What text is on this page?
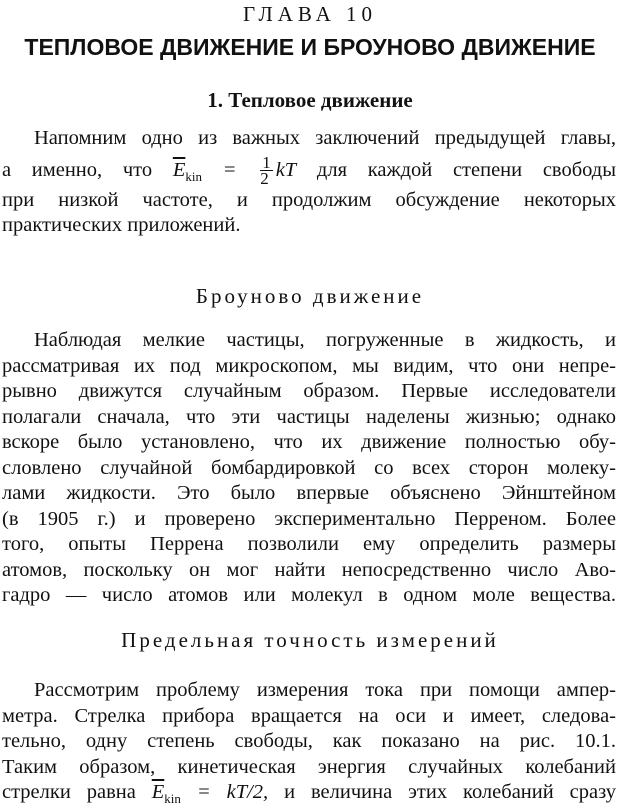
ГЛАВА 10
ТЕПЛОВОЕ ДВИЖЕНИЕ И БРОУНОВО ДВИЖЕНИЕ
1. Тепловое движение
Напомним одно из важных заключений предыдущей главы,
а именно, что $\overline{E}_{kin} = \frac{1}{2}$ kT для каждой степени свободы
при низкой частоте, и продолжим обсуждение некоторых
практических приложений.
Броуново движение
Наблюдая мелкие частицы, погруженные в жидкость, и
рассматривая их под микроскопом, мы видим, что они непре-
рывно движутся случайным образом. Первые исследователи
полагали сначала, что эти частицы наделены жизнью; однако
вскоре было установлено, что их движение полностью обу-
словлено случайной бомбардировкой со всех сторон молеку-
лами жидкости. Это было впервые объяснено Эйнштейном
(в 1905 г.) и проверено экспериментально Перреном. Более
того, опыты Перрена позволили ему определить размеры
атомов, поскольку он мог найти непосредственно число Аво-
гадро — число атомов или молекул в одном моле вещества.
Предельная точность измерений
Рассмотрим проблему измерения тока при помощи ампер-
метра. Стрелка прибора вращается на оси и имеет, следова-
тельно, одну степень свободы, как показано на рис. 10.1.
Таким образом, кинетическая энергия случайных колебаний
стрелки равна $\overline{E}_{kin} = kT/2$, и величина этих колебаний сразу
